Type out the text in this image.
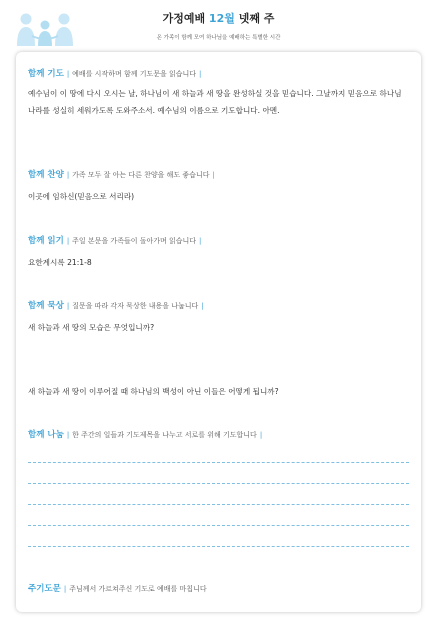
가정예배 12월 넷째 주
온 가족이 함께 모여 하나님을 예배하는 특별한 시간
함께 기도 | 예배를 시작하며 함께 기도문을 읽습니다 |
예수님이 이 땅에 다시 오시는 날, 하나님이 새 하늘과 새 땅을 완성하실 것을 믿습니다. 그날까지 믿음으로 하나님 나라를 성실히 세워가도록 도와주소서. 예수님의 이름으로 기도합니다. 아멘.
함께 찬양 | 가족 모두 잘 아는 다른 찬양을 해도 좋습니다 |
이곳에 임하신(믿음으로 서리라)
함께 읽기 | 주일 본문을 가족들이 돌아가며 읽습니다 |
요한계시록 21:1-8
함께 묵상 | 질문을 따라 각자 묵상한 내용을 나눕니다 |
새 하늘과 새 땅의 모습은 무엇입니까?
새 하늘과 새 땅이 이루어질 때 하나님의 백성이 아닌 이들은 어떻게 됩니까?
함께 나눔 | 한 주간의 일들과 기도제목을 나누고 서로를 위해 기도합니다 |
주기도문 | 주님께서 가르쳐주신 기도로 예배를 마칩니다
